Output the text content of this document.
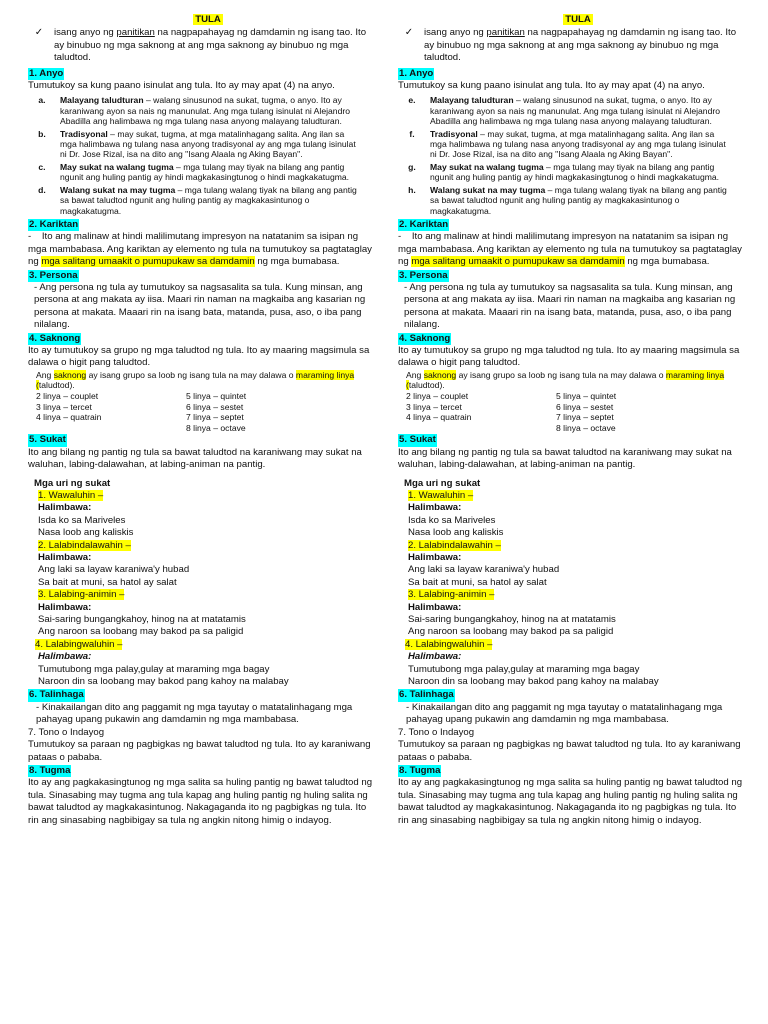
TULA
✓	isang anyo ng panitikan na nagpapahayag ng damdamin ng isang tao. Ito ay binubuo ng mga saknong at ang mga saknong ay binubuo ng mga taludtod.
1. Anyo

Tumutukoy sa kung paano isinulat ang tula. Ito ay may apat (4) na anyo.

a.	Malayang taludturan – walang sinusunod na sukat, tugma, o anyo. Ito ay karaniwang ayon sa nais ng manunulat. Ang mga tulang isinulat ni Alejandro Abadilla ang halimbawa ng mga tulang nasa anyong malayang taludturan.
b.	Tradisyonal – may sukat, tugma, at mga matalinhagang salita. Ang ilan sa mga halimbawa ng tulang nasa anyong tradisyonal ay ang mga tulang isinulat ni Dr. Jose Rizal, isa na dito ang "Isang Alaala ng Aking Bayan".
c.	May sukat na walang tugma – mga tulang may tiyak na bilang ang pantig ngunit ang huling pantig ay hindi magkakasingtunog o hindi magkakatugma.
d.	Walang sukat na may tugma – mga tulang walang tiyak na bilang ang pantig sa bawat taludtod ngunit ang huling pantig ay magkakasintunog o magkakatugma.
2. Kariktan

- Ito ang malinaw at hindi malilimutang impresyon na natatanim sa isipan ng mga mambabasa. Ang kariktan ay elemento ng tula na tumutukoy sa pagtataglay ng mga salitang umaakit o pumupukaw sa damdamin ng mga bumabasa.

3. Persona

- Ang persona ng tula ay tumutukoy sa nagsasalita sa tula. Kung minsan, ang persona at ang makata ay iisa. Maari rin naman na magkaiba ang kasarian ng persona at makata. Maaari rin na isang bata, matanda, pusa, aso, o iba pang nilalang.

4. Saknong

Ito ay tumutukoy sa grupo ng mga taludtod ng tula. Ito ay maaring magsimula sa dalawa o higit pang taludtod.

Ang saknong ay isang grupo sa loob ng isang tula na may dalawa o maraming linya (taludtod).

2 linya – couplet	5 linya – quintet
3 linya – tercet	6 linya – sestet
4 linya – quatrain	7 linya – septet
8 linya – octave
5. Sukat

Ito ang bilang ng pantig ng tula sa bawat taludtod na karaniwang may sukat na waluhan, labing-dalawahan, at labing-animan na pantig.

Mga uri ng sukat

1. Wawaluhin –

Halimbawa:

Isda ko sa Mariveles

Nasa loob ang kaliskis

2. Lalabindalawahin –

Halimbawa:

Ang laki sa layaw karaniwa'y hubad

Sa bait at muni, sa hatol ay salat

3. Lalabing-animin –

Halimbawa:

Sai-saring bungangkahoy, hinog na at matatamis

Ang naroon sa loobang may bakod pa sa paligid

4. Lalabingwaluhin –

Halimbawa:

Tumutubong mga palay,gulay at maraming mga bagay

Naroon din sa loobang may bakod pang kahoy na malabay

6. Talinhaga

- Kinakailangan dito ang paggamit ng mga tayutay o matatalinhagang mga pahayag upang pukawin ang damdamin ng mga mambabasa.

7. Tono o Indayog

Tumutukoy sa paraan ng pagbigkas ng bawat taludtod ng tula. Ito ay karaniwang pataas o pababa.

8. Tugma

Ito ay ang pagkakasingtunog ng mga salita sa huling pantig ng bawat taludtod ng tula. Sinasabing may tugma ang tula kapag ang huling pantig ng huling salita ng bawat taludtod ay magkakasintunog. Nakagaganda ito ng pagbigkas ng tula. Ito rin ang sinasabing nagbibigay sa tula ng angkin nitong himig o indayog.

TULA
✓	isang anyo ng panitikan na nagpapahayag ng damdamin ng isang tao. Ito ay binubuo ng mga saknong at ang mga saknong ay binubuo ng mga taludtod.
1. Anyo

Tumutukoy sa kung paano isinulat ang tula. Ito ay may apat (4) na anyo.

e.	Malayang taludturan – walang sinusunod na sukat, tugma, o anyo. Ito ay karaniwang ayon sa nais ng manunulat. Ang mga tulang isinulat ni Alejandro Abadilla ang halimbawa ng mga tulang nasa anyong malayang taludturan.
f.	Tradisyonal – may sukat, tugma, at mga matalinhagang salita. Ang ilan sa mga halimbawa ng tulang nasa anyong tradisyonal ay ang mga tulang isinulat ni Dr. Jose Rizal, isa na dito ang "Isang Alaala ng Aking Bayan".
g.	May sukat na walang tugma – mga tulang may tiyak na bilang ang pantig ngunit ang huling pantig ay hindi magkakasingtunog o hindi magkakatugma.
h.	Walang sukat na may tugma – mga tulang walang tiyak na bilang ang pantig sa bawat taludtod ngunit ang huling pantig ay magkakasintunog o magkakatugma.
2. Kariktan

- Ito ang malinaw at hindi malilimutang impresyon na natatanim sa isipan ng mga mambabasa. Ang kariktan ay elemento ng tula na tumutukoy sa pagtataglay ng mga salitang umaakit o pumupukaw sa damdamin ng mga bumabasa.

3. Persona

- Ang persona ng tula ay tumutukoy sa nagsasalita sa tula. Kung minsan, ang persona at ang makata ay iisa. Maari rin naman na magkaiba ang kasarian ng persona at makata. Maaari rin na isang bata, matanda, pusa, aso, o iba pang nilalang.

4. Saknong

Ito ay tumutukoy sa grupo ng mga taludtod ng tula. Ito ay maaring magsimula sa dalawa o higit pang taludtod.

Ang saknong ay isang grupo sa loob ng isang tula na may dalawa o maraming linya (taludtod).

2 linya – couplet	5 linya – quintet
3 linya – tercet	6 linya – sestet
4 linya – quatrain	7 linya – septet
8 linya – octave
5. Sukat

Ito ang bilang ng pantig ng tula sa bawat taludtod na karaniwang may sukat na waluhan, labing-dalawahan, at labing-animan na pantig.

Mga uri ng sukat

1. Wawaluhin –

Halimbawa:

Isda ko sa Mariveles

Nasa loob ang kaliskis

2. Lalabindalawahin –

Halimbawa:

Ang laki sa layaw karaniwa'y hubad

Sa bait at muni, sa hatol ay salat

3. Lalabing-animin –

Halimbawa:

Sai-saring bungangkahoy, hinog na at matatamis

Ang naroon sa loobang may bakod pa sa paligid

4. Lalabingwaluhin –

Halimbawa:

Tumutubong mga palay,gulay at maraming mga bagay

Naroon din sa loobang may bakod pang kahoy na malabay

6. Talinhaga

- Kinakailangan dito ang paggamit ng mga tayutay o matatalinhagang mga pahayag upang pukawin ang damdamin ng mga mambabasa.

7. Tono o Indayog

Tumutukoy sa paraan ng pagbigkas ng bawat taludtod ng tula. Ito ay karaniwang pataas o pababa.

8. Tugma

Ito ay ang pagkakasingtunog ng mga salita sa huling pantig ng bawat taludtod ng tula. Sinasabing may tugma ang tula kapag ang huling pantig ng huling salita ng bawat taludtod ay magkakasintunog. Nakagaganda ito ng pagbigkas ng tula. Ito rin ang sinasabing nagbibigay sa tula ng angkin nitong himig o indayog.
